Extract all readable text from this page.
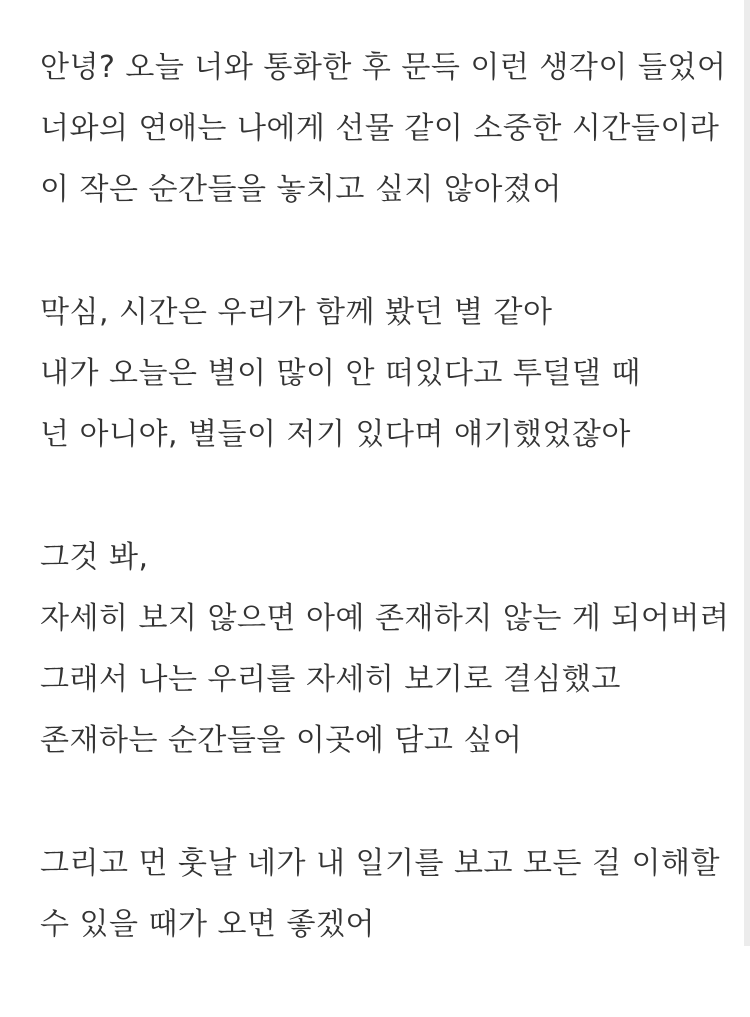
안녕? 오늘 너와 통화한 후 문득 이런 생각이 들었어
너와의 연애는 나에게 선물 같이 소중한 시간들이라
이 작은 순간들을 놓치고 싶지 않아졌어
막심, 시간은 우리가 함께 봤던 별 같아
내가 오늘은 별이 많이 안 떠있다고 투덜댈 때
넌 아니야, 별들이 저기 있다며 얘기했었잖아
그것 봐,
자세히 보지 않으면 아예 존재하지 않는 게 되어버려
그래서 나는 우리를 자세히 보기로 결심했고
존재하는 순간들을 이곳에 담고 싶어
그리고 먼 훗날 네가 내 일기를 보고 모든 걸 이해할
수 있을 때가 오면 좋겠어
